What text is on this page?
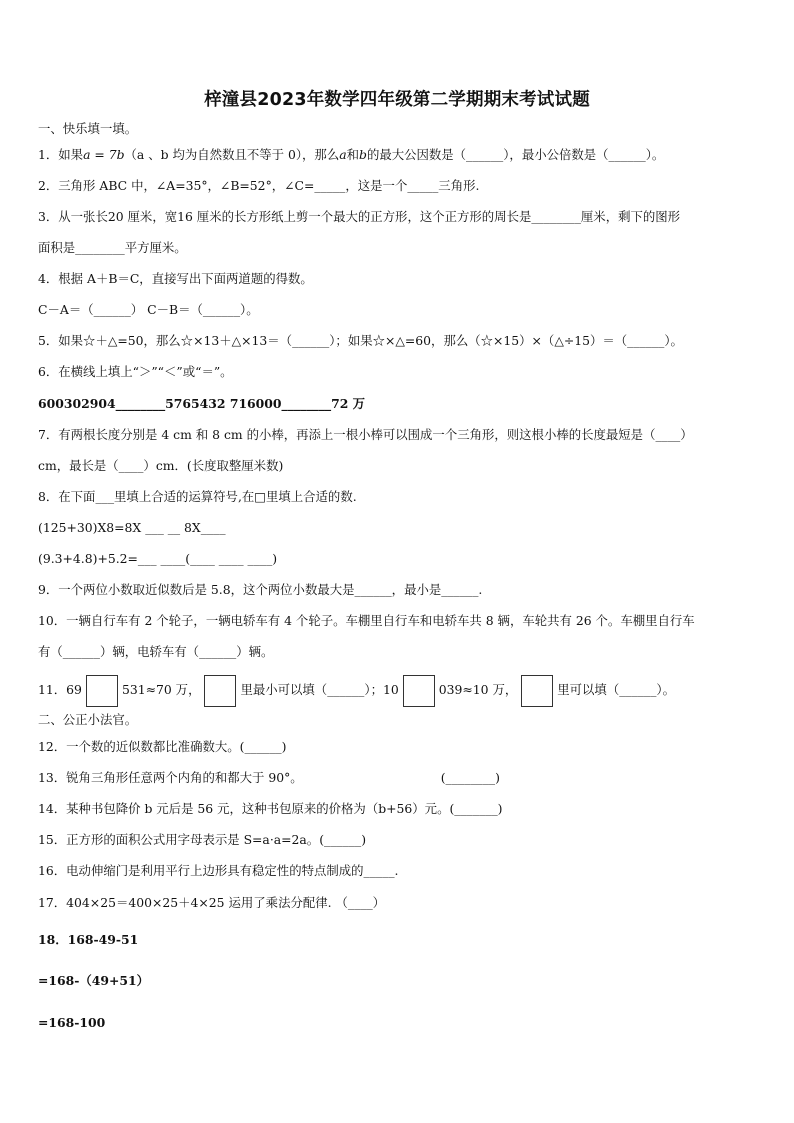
梓潼县2023年数学四年级第二学期期末考试试题
一、快乐填一填。
1．如果a = 7b（a 、b 均为自然数且不等于 0），那么a和b的最大公因数是（______），最小公倍数是（______）。
2．三角形 ABC 中，∠A=35°，∠B=52°，∠C=_____，这是一个_____三角形.
3．从一张长20 厘米，宽16 厘米的长方形纸上剪一个最大的正方形，这个正方形的周长是________厘米，剩下的图形
面积是________平方厘米。
4．根据 A＋B＝C，直接写出下面两道题的得数。
C－A＝（______） C－B＝（______）。
5．如果☆＋△=50，那么☆×13＋△×13＝（______）；如果☆×△=60，那么（☆×15）×（△÷15）＝（______）。
6．在横线上填上“＞”“＜”或“＝”。
600302904________5765432 716000________72 万
7．有两根长度分别是 4 cm 和 8 cm 的小棒，再添上一根小棒可以围成一个三角形，则这根小棒的长度最短是（____）
cm，最长是（____）cm．(长度取整厘米数)
8．在下面___里填上合适的运算符号,在□里填上合适的数.
(125+30)X8=8X ___ __ 8X____
(9.3+4.8)+5.2=___ ____(____ ____ ____)
9．一个两位小数取近似数后是 5.8，这个两位小数最大是______，最小是______.
10．一辆自行车有 2 个轮子，一辆电轿车有 4 个轮子。车棚里自行车和电轿车共 8 辆，车轮共有 26 个。车棚里自行车
有（______）辆，电轿车有（______）辆。
11．69	531≈70 万，	里最小可以填（______）；10	039≈10 万，	里可以填（______）。
二、公正小法官。
12．一个数的近似数都比准确数大。(______)
13．锐角三角形任意两个内角的和都大于 90°。	(________)
14．某种书包降价 b 元后是 56 元，这种书包原来的价格为（b+56）元。(_______)
15．正方形的面积公式用字母表示是 S=a·a=2a。(______)
16．电动伸缩门是利用平行上边形具有稳定性的特点制成的_____.
17．404×25＝400×25＋4×25 运用了乘法分配律. （____）
18．168-49-51
=168-（49+51）
=168-100
